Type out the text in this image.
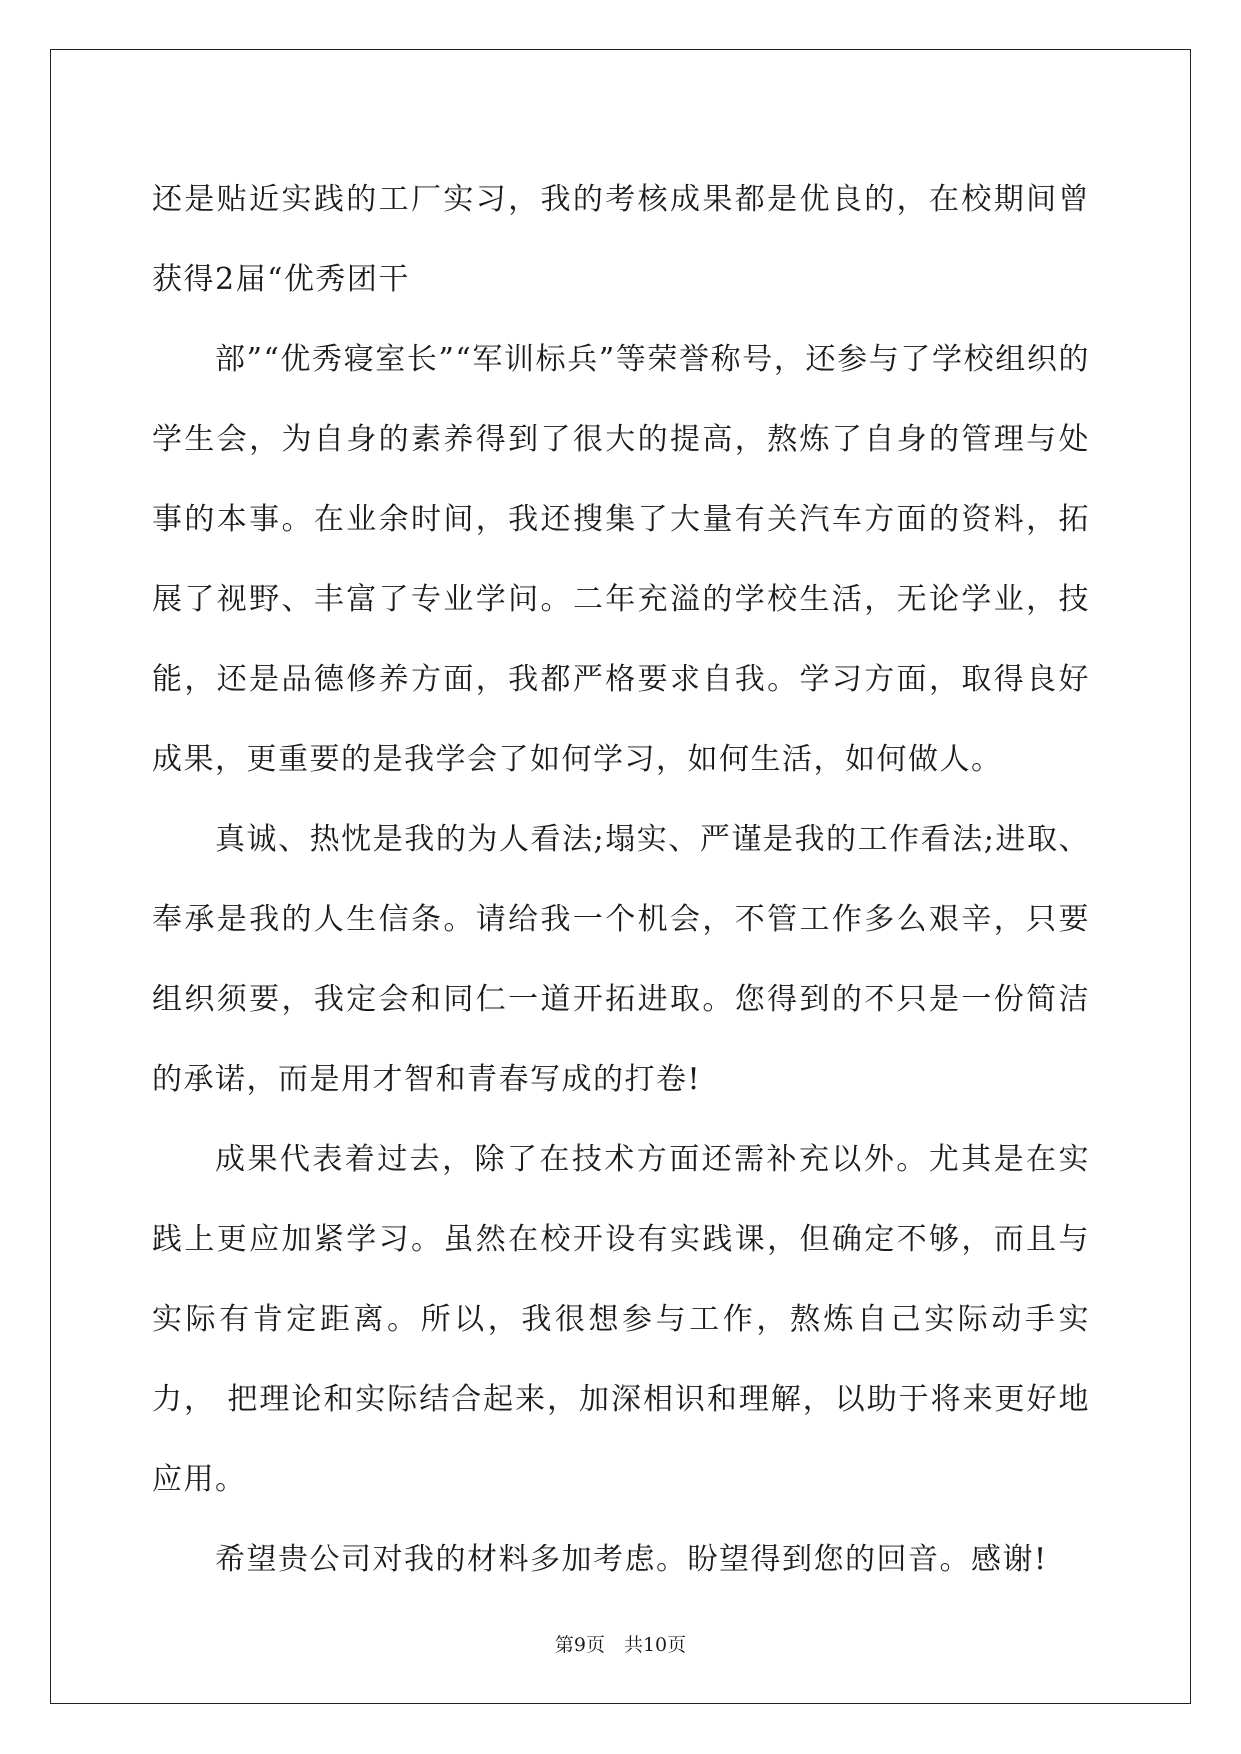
还是贴近实践的工厂实习，我的考核成果都是优良的，在校期间曾获得2届“优秀团干

部”“优秀寝室长”“军训标兵”等荣誉称号，还参与了学校组织的学生会，为自身的素养得到了很大的提高，熬炼了自身的管理与处事的本事。在业余时间，我还搜集了大量有关汽车方面的资料，拓展了视野、丰富了专业学问。二年充溢的学校生活，无论学业，技能，还是品德修养方面，我都严格要求自我。学习方面，取得良好成果，更重要的是我学会了如何学习，如何生活，如何做人。

真诚、热忱是我的为人看法;塌实、严谨是我的工作看法;进取、奉承是我的人生信条。请给我一个机会，不管工作多么艰辛，只要组织须要，我定会和同仁一道开拓进取。您得到的不只是一份简洁的承诺，而是用才智和青春写成的打卷!

成果代表着过去，除了在技术方面还需补充以外。尤其是在实践上更应加紧学习。虽然在校开设有实践课，但确定不够，而且与实际有肯定距离。所以，我很想参与工作，熬炼自己实际动手实力， 把理论和实际结合起来，加深相识和理解，以助于将来更好地应用。

希望贵公司对我的材料多加考虑。盼望得到您的回音。感谢!

第9页　共10页
